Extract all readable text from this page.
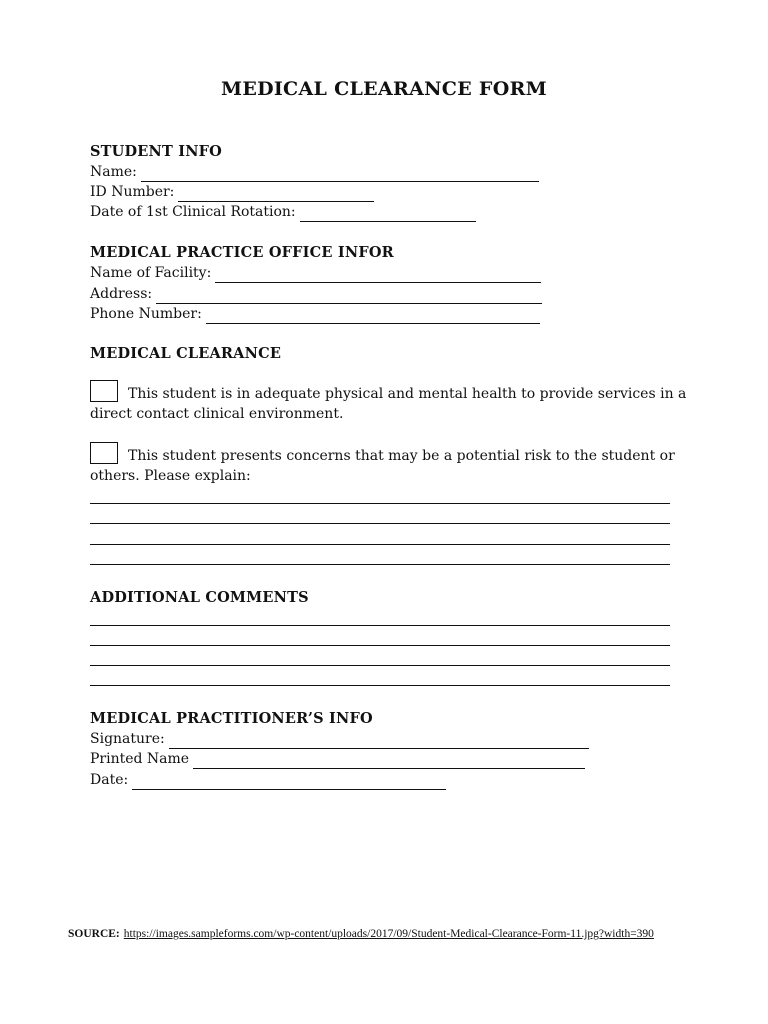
MEDICAL CLEARANCE FORM
STUDENT INFO
Name:
ID Number:
Date of 1st Clinical Rotation:
MEDICAL PRACTICE OFFICE INFOR
Name of Facility:
Address:
Phone Number:
MEDICAL CLEARANCE
This student is in adequate physical and mental health to provide services in a direct contact clinical environment.
This student presents concerns that may be a potential risk to the student or others. Please explain:
ADDITIONAL COMMENTS
MEDICAL PRACTITIONER’S INFO
Signature:
Printed Name
Date:
SOURCE: https://images.sampleforms.com/wp-content/uploads/2017/09/Student-Medical-Clearance-Form-11.jpg?width=390
